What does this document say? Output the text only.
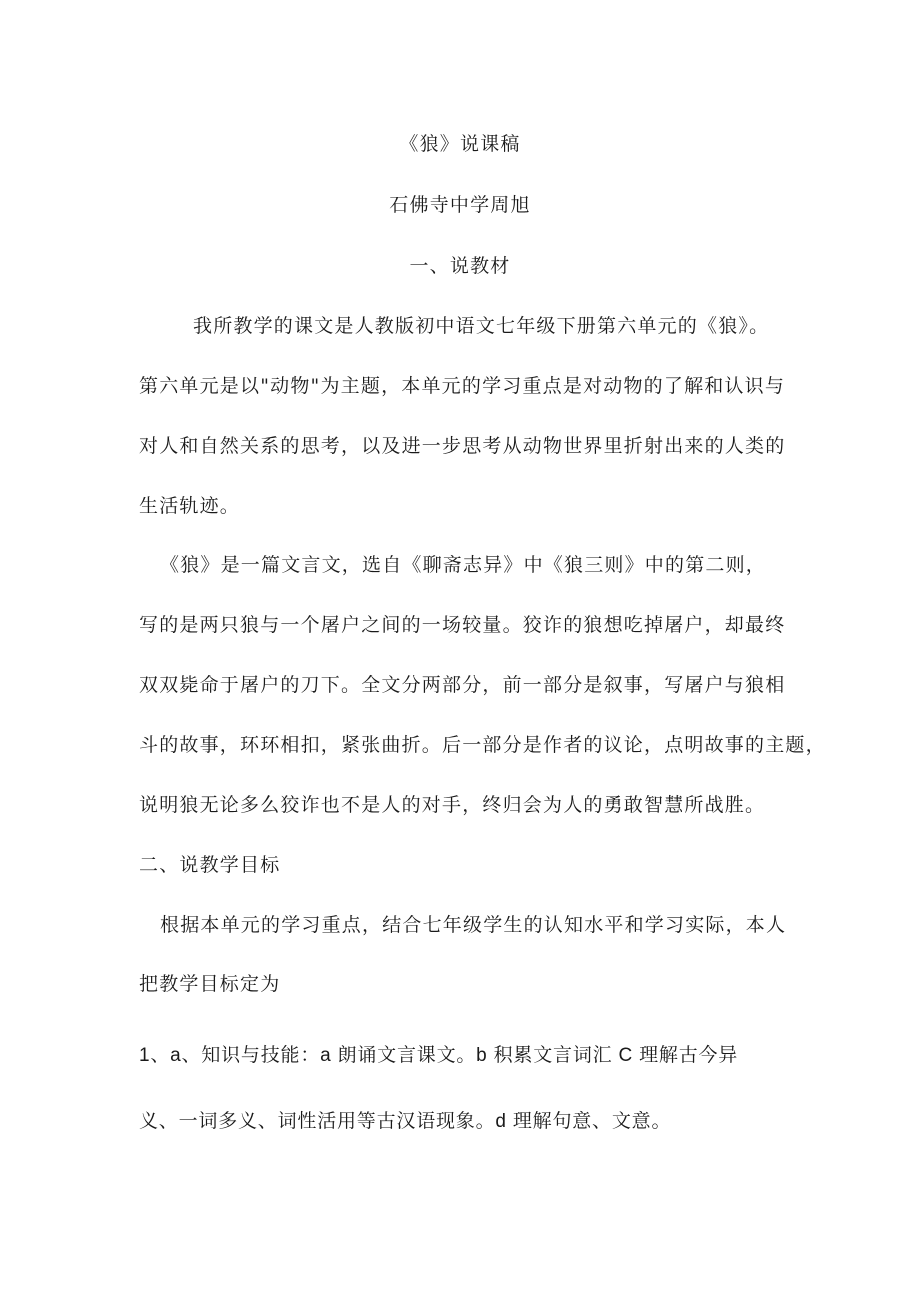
《狼》说课稿
石佛寺中学周旭
一、说教材
我所教学的课文是人教版初中语文七年级下册第六单元的《狼》。
第六单元是以"动物"为主题，本单元的学习重点是对动物的了解和认识与
对人和自然关系的思考，以及进一步思考从动物世界里折射出来的人类的
生活轨迹。
《狼》是一篇文言文，选自《聊斋志异》中《狼三则》中的第二则，
写的是两只狼与一个屠户之间的一场较量。狡诈的狼想吃掉屠户，却最终
双双毙命于屠户的刀下。全文分两部分，前一部分是叙事，写屠户与狼相
斗的故事，环环相扣，紧张曲折。后一部分是作者的议论，点明故事的主题，
说明狼无论多么狡诈也不是人的对手，终归会为人的勇敢智慧所战胜。
二、说教学目标
根据本单元的学习重点，结合七年级学生的认知水平和学习实际，本人
把教学目标定为
1、a、知识与技能：a 朗诵文言课文。b 积累文言词汇 C 理解古今异
义、一词多义、词性活用等古汉语现象。d 理解句意、文意。
